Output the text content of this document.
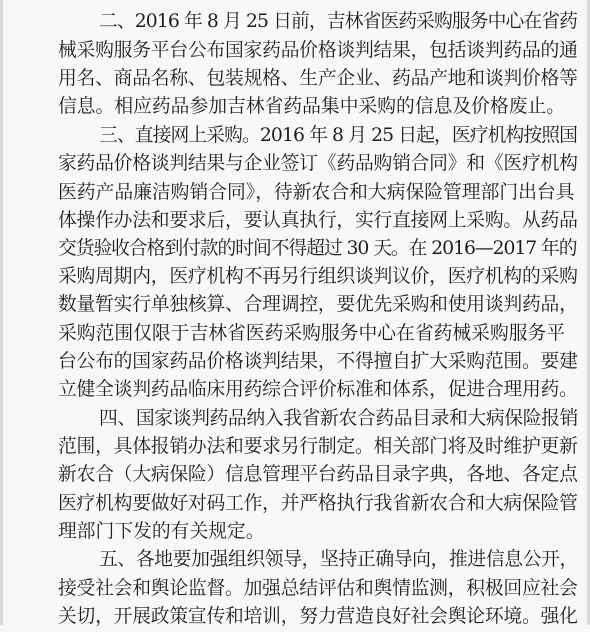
二、2016 年 8 月 25 日前，吉林省医药采购服务中心在省药
械采购服务平台公布国家药品价格谈判结果，包括谈判药品的通
用名、商品名称、包装规格、生产企业、药品产地和谈判价格等
信息。相应药品参加吉林省药品集中采购的信息及价格废止。
三、直接网上采购。2016 年 8 月 25 日起，医疗机构按照国
家药品价格谈判结果与企业签订《药品购销合同》和《医疗机构
医药产品廉洁购销合同》，待新农合和大病保险管理部门出台具
体操作办法和要求后，要认真执行，实行直接网上采购。从药品
交货验收合格到付款的时间不得超过 30 天。在 2016—2017 年的
采购周期内，医疗机构不再另行组织谈判议价，医疗机构的采购
数量暂实行单独核算、合理调控，要优先采购和使用谈判药品，
采购范围仅限于吉林省医药采购服务中心在省药械采购服务平
台公布的国家药品价格谈判结果，不得擅自扩大采购范围。要建
立健全谈判药品临床用药综合评价标准和体系，促进合理用药。
四、国家谈判药品纳入我省新农合药品目录和大病保险报销
范围，具体报销办法和要求另行制定。相关部门将及时维护更新
新农合（大病保险）信息管理平台药品目录字典，各地、各定点
医疗机构要做好对码工作，并严格执行我省新农合和大病保险管
理部门下发的有关规定。
五、各地要加强组织领导，坚持正确导向，推进信息公开，
接受社会和舆论监督。加强总结评估和舆情监测，积极回应社会
关切，开展政策宣传和培训，努力营造良好社会舆论环境。强化
